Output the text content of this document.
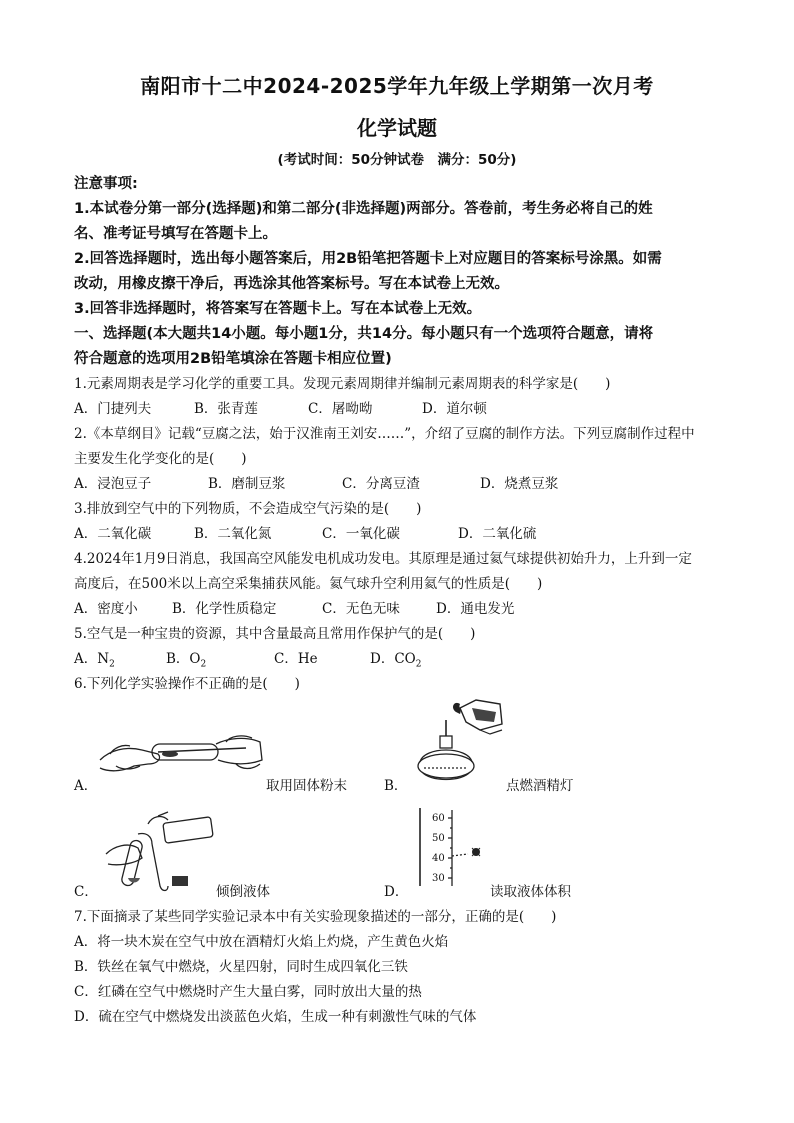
南阳市十二中2024-2025学年九年级上学期第一次月考
化学试题
(考试时间：50分钟试卷　满分：50分)
注意事项:
1.本试卷分第一部分(选择题)和第二部分(非选择题)两部分。答卷前，考生务必将自己的姓
名、准考证号填写在答题卡上。
2.回答选择题时，选出每小题答案后，用2B铅笔把答题卡上对应题目的答案标号涂黑。如需
改动，用橡皮擦干净后，再选涂其他答案标号。写在本试卷上无效。
3.回答非选择题时，将答案写在答题卡上。写在本试卷上无效。
一、选择题(本大题共14小题。每小题1分，共14分。每小题只有一个选项符合题意，请将
符合题意的选项用2B铅笔填涂在答题卡相应位置)
1.元素周期表是学习化学的重要工具。发现元素周期律并编制元素周期表的科学家是(　　)
A．门捷列夫	B．张青莲	C．屠呦呦	D．道尔顿
2.《本草纲目》记载“豆腐之法，始于汉淮南王刘安……”，介绍了豆腐的制作方法。下列豆腐制作过程中
主要发生化学变化的是(　　)
A．浸泡豆子	B．磨制豆浆	C．分离豆渣	D．烧煮豆浆
3.排放到空气中的下列物质，不会造成空气污染的是(　　)
A．二氧化碳	B．二氧化氮	C．一氧化碳	D．二氧化硫
4.2024年1月9日消息，我国高空风能发电机成功发电。其原理是通过氦气球提供初始升力，上升到一定
高度后，在500米以上高空采集捕获风能。氦气球升空利用氦气的性质是(　　)
A．密度小	B．化学性质稳定	C．无色无味	D．通电发光
5.空气是一种宝贵的资源，其中含量最高且常用作保护气的是(　　)
A．$N_2$	B．$O_2$	C．He	D．$CO_2$
6.下列化学实验操作不正确的是(　　)
A．	取用固体粉末	B．	点燃酒精灯
C．	倾倒液体	D．
60
50
40
30
读取液体体积
7.下面摘录了某些同学实验记录本中有关实验现象描述的一部分，正确的是(　　)
A．将一块木炭在空气中放在酒精灯火焰上灼烧，产生黄色火焰
B．铁丝在氧气中燃烧，火星四射，同时生成四氧化三铁
C．红磷在空气中燃烧时产生大量白雾，同时放出大量的热
D．硫在空气中燃烧发出淡蓝色火焰，生成一种有刺激性气味的气体
